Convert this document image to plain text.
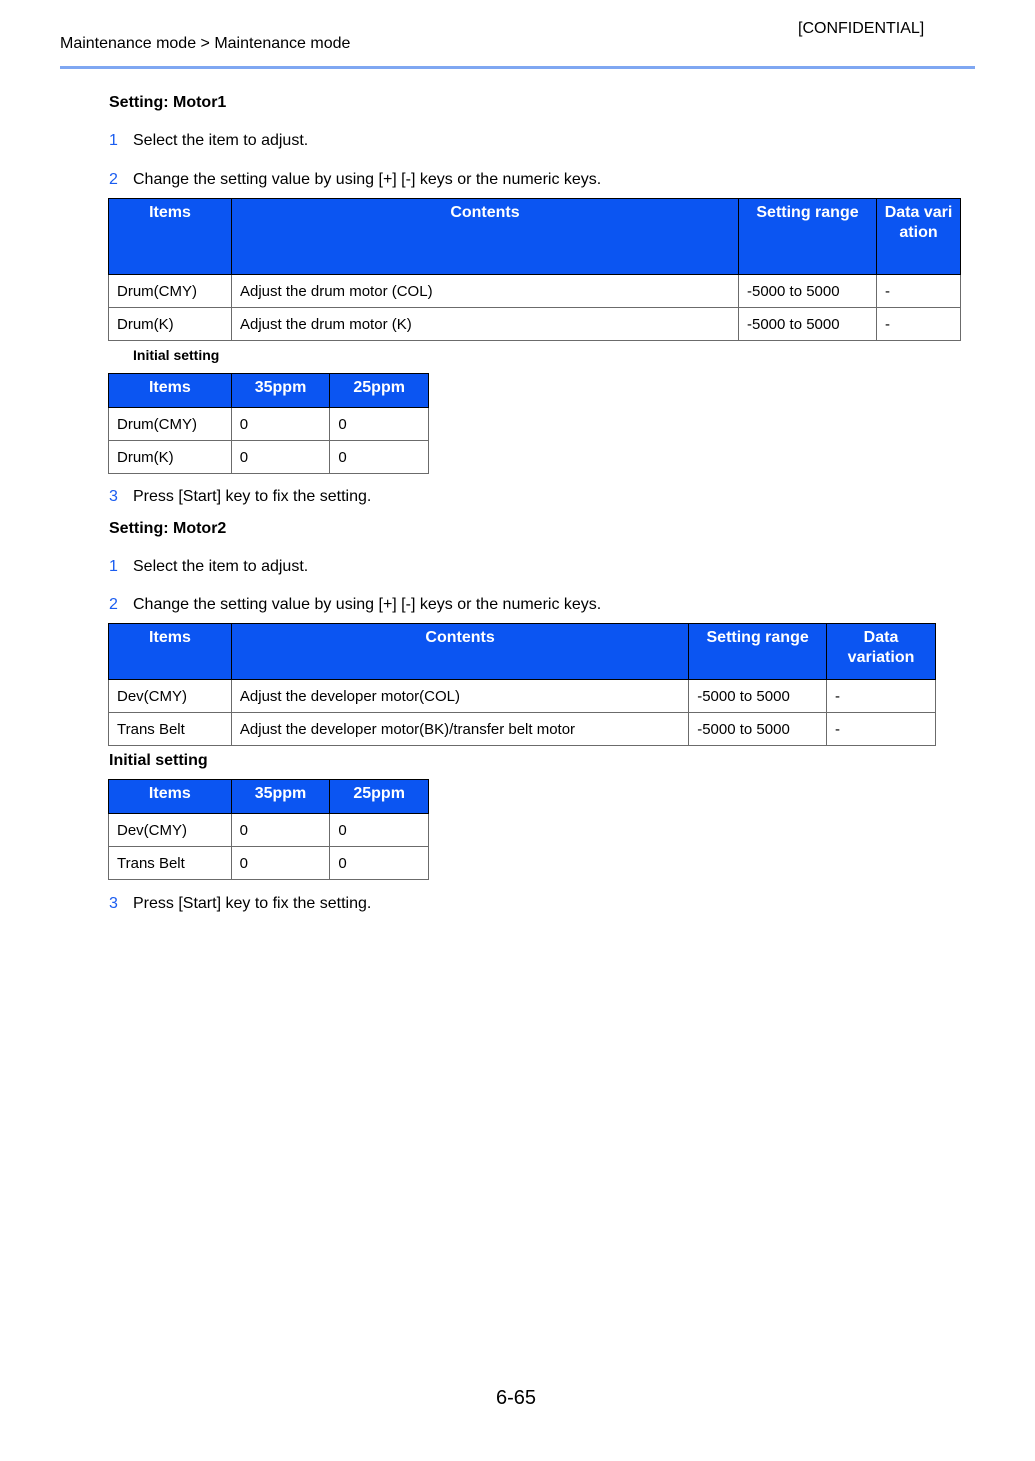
[CONFIDENTIAL]
Maintenance mode > Maintenance mode
Setting: Motor1
1 Select the item to adjust.
2 Change the setting value by using [+] [-] keys or the numeric keys.
Items	Contents	Setting range	Data variation
Drum(CMY)	Adjust the drum motor (COL)	-5000 to 5000	-
Drum(K)	Adjust the drum motor (K)	-5000 to 5000	-
Initial setting
Items	35ppm	25ppm
Drum(CMY)	0	0
Drum(K)	0	0
3 Press [Start] key to fix the setting.
Setting: Motor2
1 Select the item to adjust.
2 Change the setting value by using [+] [-] keys or the numeric keys.
Items	Contents	Setting range	Data variation
Dev(CMY)	Adjust the developer motor(COL)	-5000 to 5000	-
Trans Belt	Adjust the developer motor(BK)/transfer belt motor	-5000 to 5000	-
Initial setting
Items	35ppm	25ppm
Dev(CMY)	0	0
Trans Belt	0	0
3 Press [Start] key to fix the setting.
6-65
